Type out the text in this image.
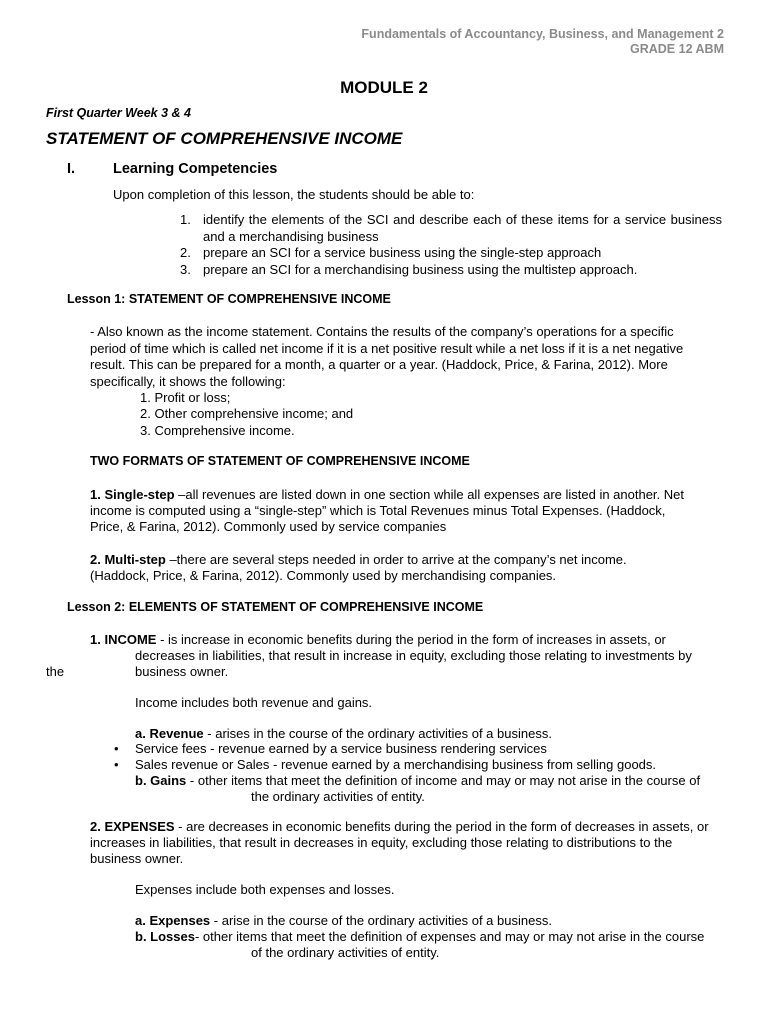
Fundamentals of Accountancy, Business, and Management 2
GRADE 12 ABM
MODULE 2
First Quarter Week 3 & 4
STATEMENT OF COMPREHENSIVE INCOME
I.	Learning Competencies
Upon completion of this lesson, the students should be able to:
1. identify the elements of the SCI and describe each of these items for a service business and a merchandising business
2. prepare an SCI for a service business using the single-step approach
3. prepare an SCI for a merchandising business using the multistep approach.
Lesson 1: STATEMENT OF COMPREHENSIVE INCOME
- Also known as the income statement. Contains the results of the company’s operations for a specific
period of time which is called net income if it is a net positive result while a net loss if it is a net negative
result. This can be prepared for a month, a quarter or a year. (Haddock, Price, & Farina, 2012). More
specifically, it shows the following:
1. Profit or loss;
2. Other comprehensive income; and
3. Comprehensive income.
TWO FORMATS OF STATEMENT OF COMPREHENSIVE INCOME
1. Single-step –all revenues are listed down in one section while all expenses are listed in another. Net
income is computed using a “single-step” which is Total Revenues minus Total Expenses. (Haddock,
Price, & Farina, 2012). Commonly used by service companies
2. Multi-step –there are several steps needed in order to arrive at the company’s net income.
(Haddock, Price, & Farina, 2012). Commonly used by merchandising companies.
Lesson 2: ELEMENTS OF STATEMENT OF COMPREHENSIVE INCOME
1. INCOME - is increase in economic benefits during the period in the form of increases in assets, or
decreases in liabilities, that result in increase in equity, excluding those relating to investments by
the	business owner.
Income includes both revenue and gains.
a. Revenue - arises in the course of the ordinary activities of a business.
• Service fees - revenue earned by a service business rendering services
• Sales revenue or Sales - revenue earned by a merchandising business from selling goods.
b. Gains - other items that meet the definition of income and may or may not arise in the course of
the ordinary activities of entity.
2. EXPENSES - are decreases in economic benefits during the period in the form of decreases in assets, or
increases in liabilities, that result in decreases in equity, excluding those relating to distributions to the
business owner.
Expenses include both expenses and losses.
a. Expenses - arise in the course of the ordinary activities of a business.
b. Losses- other items that meet the definition of expenses and may or may not arise in the course
of the ordinary activities of entity.
